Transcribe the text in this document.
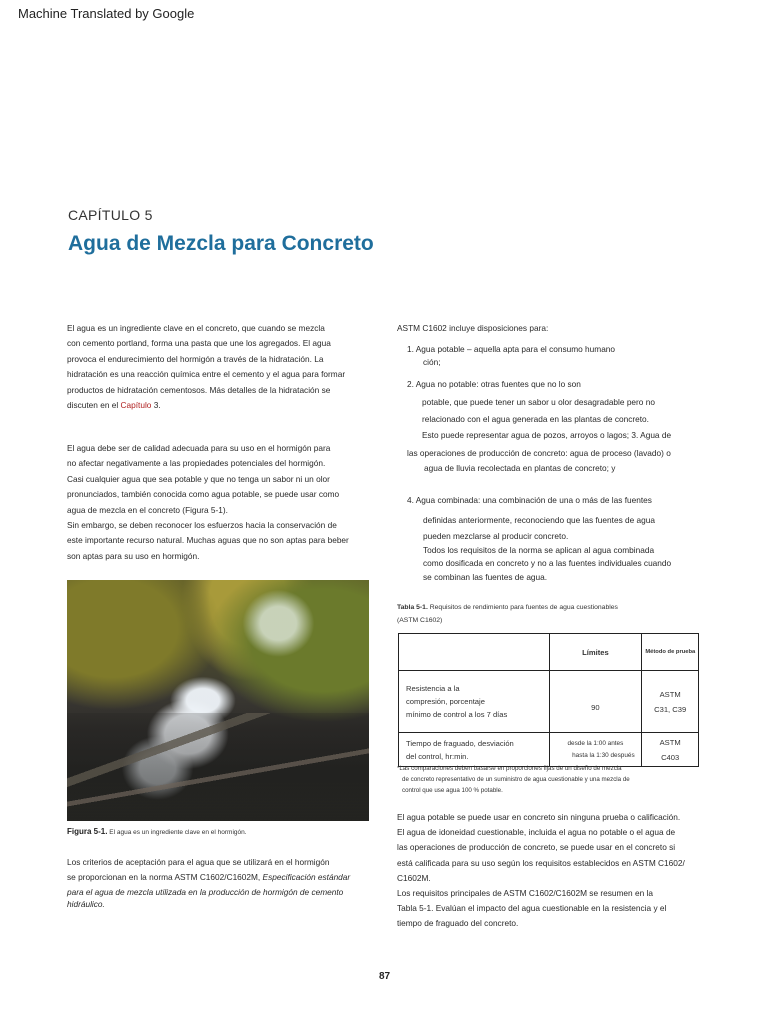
Machine Translated by Google
CAPÍTULO 5
Agua de Mezcla para Concreto
El agua es un ingrediente clave en el concreto, que cuando se mezcla
con cemento portland, forma una pasta que une los agregados. El agua
provoca el endurecimiento del hormigón a través de la hidratación. La
hidratación es una reacción química entre el cemento y el agua para formar
productos de hidratación cementosos. Más detalles de la hidratación se
discuten en el Capítulo 3.
El agua debe ser de calidad adecuada para su uso en el hormigón para
no afectar negativamente a las propiedades potenciales del hormigón.
Casi cualquier agua que sea potable y que no tenga un sabor ni un olor
pronunciados, también conocida como agua potable, se puede usar como
agua de mezcla en el concreto (Figura 5-1).
Sin embargo, se deben reconocer los esfuerzos hacia la conservación de
este importante recurso natural. Muchas aguas que no son aptas para beber
son aptas para su uso en hormigón.
Figura 5-1. El agua es un ingrediente clave en el hormigón.
Los criterios de aceptación para el agua que se utilizará en el hormigón
se proporcionan en la norma ASTM C1602/C1602M, Especificación estándar
para el agua de mezcla utilizada en la producción de hormigón de cemento
hidráulico.
ASTM C1602 incluye disposiciones para:
1. Agua potable – aquella apta para el consumo humano
ción;
2. Agua no potable: otras fuentes que no lo son
potable, que puede tener un sabor u olor desagradable pero no
relacionado con el agua generada en las plantas de concreto.
Esto puede representar agua de pozos, arroyos o lagos; 3. Agua de
las operaciones de producción de concreto: agua de proceso (lavado) o
agua de lluvia recolectada en plantas de concreto; y
4. Agua combinada: una combinación de una o más de las fuentes
definidas anteriormente, reconociendo que las fuentes de agua
pueden mezclarse al producir concreto.
Todos los requisitos de la norma se aplican al agua combinada
como dosificada en concreto y no a las fuentes individuales cuando
se combinan las fuentes de agua.
Tabla 5-1. Requisitos de rendimiento para fuentes de agua cuestionables
(ASTM C1602)
	Límites	Método de prueba

Resistencia a la
compresión, porcentaje
mínimo de control a los 7 días	90	ASTM
C31, C39

Tiempo de fraguado, desviación
del control, hr:min.	desde la 1:00 antes
hasta la 1:30 después	ASTM
C403
*Las comparaciones deben basarse en proporciones fijas de un diseño de mezcla
de concreto representativo de un suministro de agua cuestionable y una mezcla de
control que use agua 100 % potable.
El agua potable se puede usar en concreto sin ninguna prueba o calificación.
El agua de idoneidad cuestionable, incluida el agua no potable o el agua de
las operaciones de producción de concreto, se puede usar en el concreto si
está calificada para su uso según los requisitos establecidos en ASTM C1602/
C1602M.
Los requisitos principales de ASTM C1602/C1602M se resumen en la
Tabla 5-1. Evalúan el impacto del agua cuestionable en la resistencia y el
tiempo de fraguado del concreto.
87
